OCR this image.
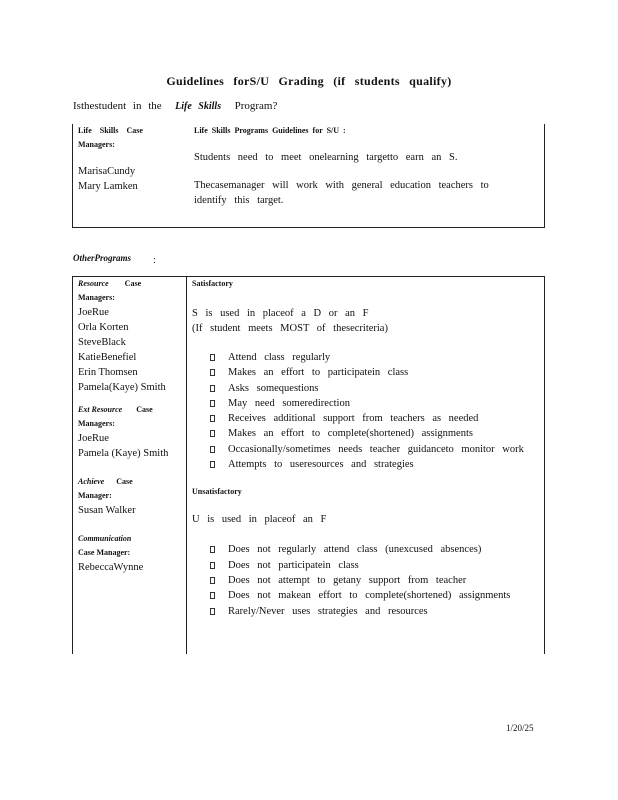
Guidelines forS/U Grading (if students qualify)
Isthestudent in the Life Skills Program?
Life Skills Case
Managers:
MarisaCundy
Mary Lamken

Life Skills Programs Guidelines for S/U :
Students need to meet onelearning targetto earn an S.
Thecasemanager will work with general education teachers to
identify this target.
OtherPrograms :
Resource Case
Managers:
JoeRue
Orla Korten
SteveBlack
KatieBenefiel
Erin Thomsen
Pamela(Kaye) Smith
Ext Resource Case
Managers:
JoeRue
Pamela (Kaye) Smith
Achieve Case
Manager:
Susan Walker
Communication
Case Manager:
RebeccaWynne

Satisfactory
S is used in placeof a D or an F
(If student meets MOST of thesecriteria)
Attend class regularly
Makes an effort to participatein class
Asks somequestions
May need someredirection
Receives additional support from teachers as needed
Makes an effort to complete(shortened) assignments
Occasionally/sometimes needs teacher guidanceto monitor work
Attempts to useresources and strategies
Unsatisfactory
U is used in placeof an F
Does not regularly attend class (unexcused absences)
Does not participatein class
Does not attempt to getany support from teacher
Does not makean effort to complete(shortened) assignments
Rarely/Never uses strategies and resources
1/20/25
